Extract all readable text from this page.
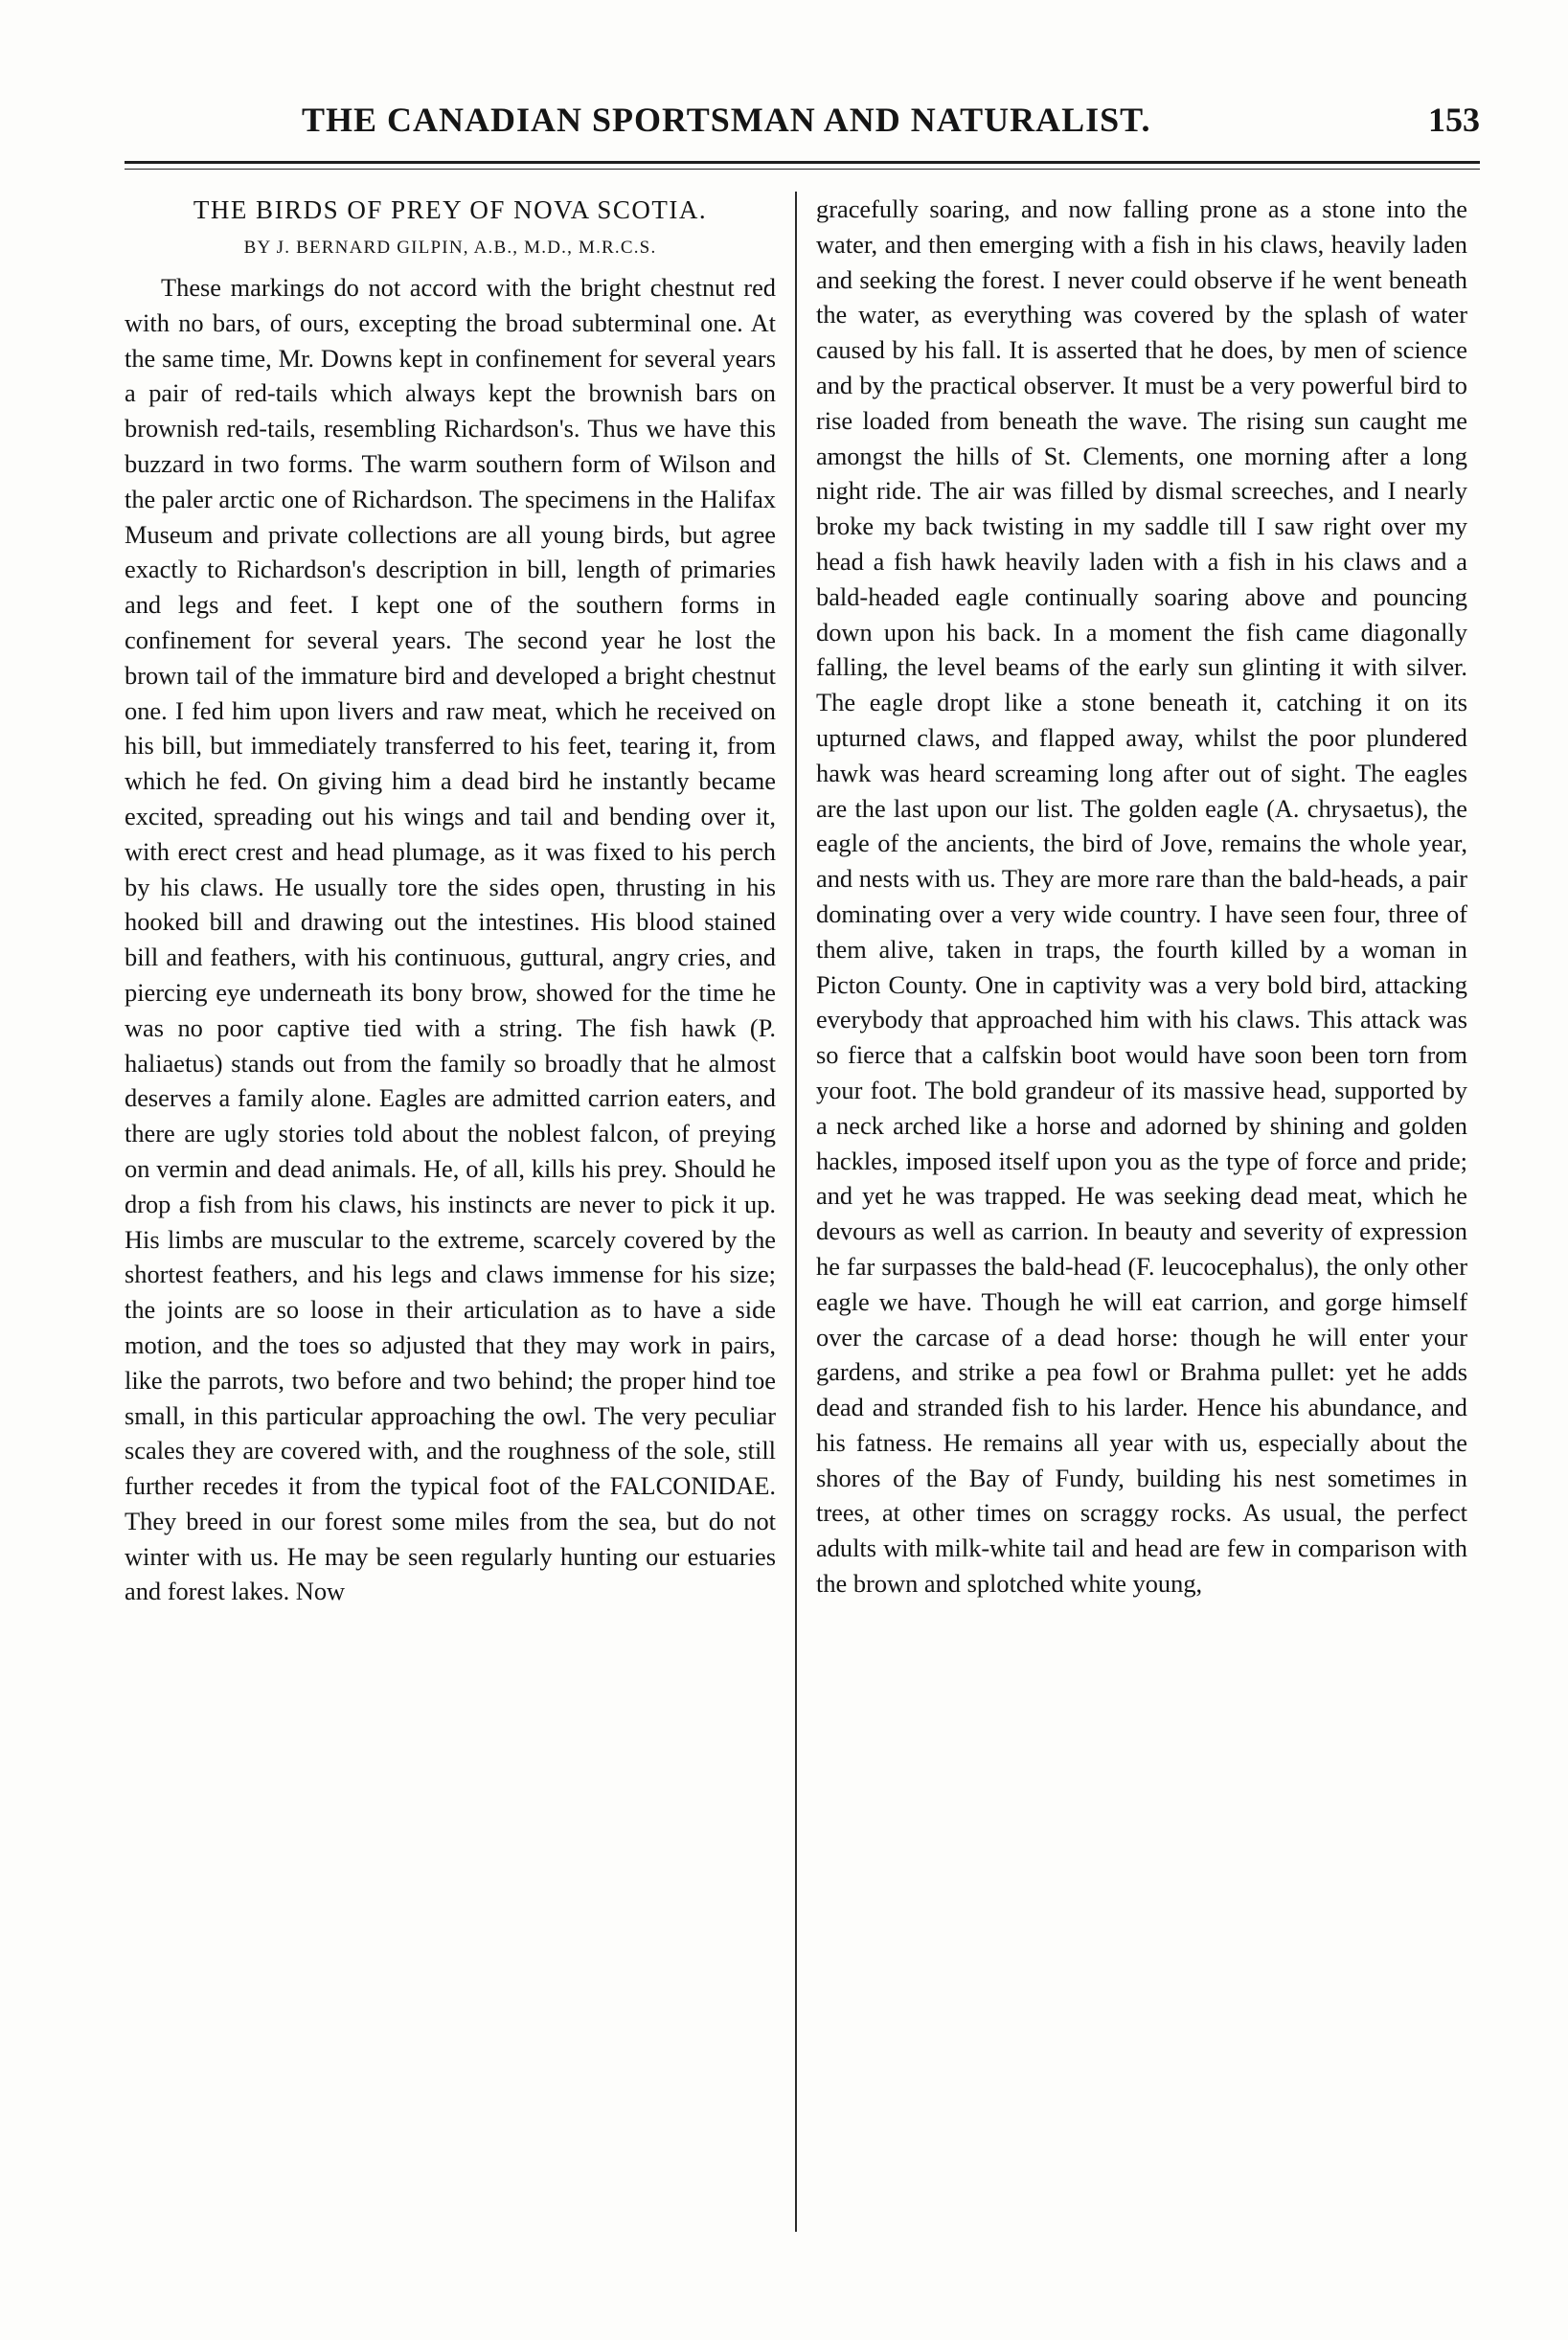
THE CANADIAN SPORTSMAN AND NATURALIST.	153
THE BIRDS OF PREY OF NOVA SCOTIA.
BY J. BERNARD GILPIN, A.B., M.D., M.R.C.S.

These markings do not accord with the bright chestnut red with no bars, of ours, excepting the broad subterminal one. At the same time, Mr. Downs kept in confinement for several years a pair of red-tails which always kept the brownish bars on brownish red-tails, resembling Richardson's. Thus we have this buzzard in two forms. The warm southern form of Wilson and the paler arctic one of Richardson. The specimens in the Halifax Museum and private collections are all young birds, but agree exactly to Richardson's description in bill, length of primaries and legs and feet. I kept one of the southern forms in confinement for several years. The second year he lost the brown tail of the immature bird and developed a bright chestnut one. I fed him upon livers and raw meat, which he received on his bill, but immediately transferred to his feet, tearing it, from which he fed. On giving him a dead bird he instantly became excited, spreading out his wings and tail and bending over it, with erect crest and head plumage, as it was fixed to his perch by his claws. He usually tore the sides open, thrusting in his hooked bill and drawing out the intestines. His blood stained bill and feathers, with his continuous, guttural, angry cries, and piercing eye underneath its bony brow, showed for the time he was no poor captive tied with a string. The fish hawk (P. haliaetus) stands out from the family so broadly that he almost deserves a family alone. Eagles are admitted carrion eaters, and there are ugly stories told about the noblest falcon, of preying on vermin and dead animals. He, of all, kills his prey. Should he drop a fish from his claws, his instincts are never to pick it up. His limbs are muscular to the extreme, scarcely covered by the shortest feathers, and his legs and claws immense for his size; the joints are so loose in their articulation as to have a side motion, and the toes so adjusted that they may work in pairs, like the parrots, two before and two behind; the proper hind toe small, in this particular approaching the owl. The very peculiar scales they are covered with, and the roughness of the sole, still further recedes it from the typical foot of the FALCONIDAE. They breed in our forest some miles from the sea, but do not winter with us. He may be seen regularly hunting our estuaries and forest lakes. Now

gracefully soaring, and now falling prone as a stone into the water, and then emerging with a fish in his claws, heavily laden and seeking the forest. I never could observe if he went beneath the water, as everything was covered by the splash of water caused by his fall. It is asserted that he does, by men of science and by the practical observer. It must be a very powerful bird to rise loaded from beneath the wave. The rising sun caught me amongst the hills of St. Clements, one morning after a long night ride. The air was filled by dismal screeches, and I nearly broke my back twisting in my saddle till I saw right over my head a fish hawk heavily laden with a fish in his claws and a bald-headed eagle continually soaring above and pouncing down upon his back. In a moment the fish came diagonally falling, the level beams of the early sun glinting it with silver. The eagle dropt like a stone beneath it, catching it on its upturned claws, and flapped away, whilst the poor plundered hawk was heard screaming long after out of sight. The eagles are the last upon our list. The golden eagle (A. chrysaetus), the eagle of the ancients, the bird of Jove, remains the whole year, and nests with us. They are more rare than the bald-heads, a pair dominating over a very wide country. I have seen four, three of them alive, taken in traps, the fourth killed by a woman in Picton County. One in captivity was a very bold bird, attacking everybody that approached him with his claws. This attack was so fierce that a calfskin boot would have soon been torn from your foot. The bold grandeur of its massive head, supported by a neck arched like a horse and adorned by shining and golden hackles, imposed itself upon you as the type of force and pride; and yet he was trapped. He was seeking dead meat, which he devours as well as carrion. In beauty and severity of expression he far surpasses the bald-head (F. leucocephalus), the only other eagle we have. Though he will eat carrion, and gorge himself over the carcase of a dead horse: though he will enter your gardens, and strike a pea fowl or Brahma pullet: yet he adds dead and stranded fish to his larder. Hence his abundance, and his fatness. He remains all year with us, especially about the shores of the Bay of Fundy, building his nest sometimes in trees, at other times on scraggy rocks. As usual, the perfect adults with milk-white tail and head are few in comparison with the brown and splotched white young,
